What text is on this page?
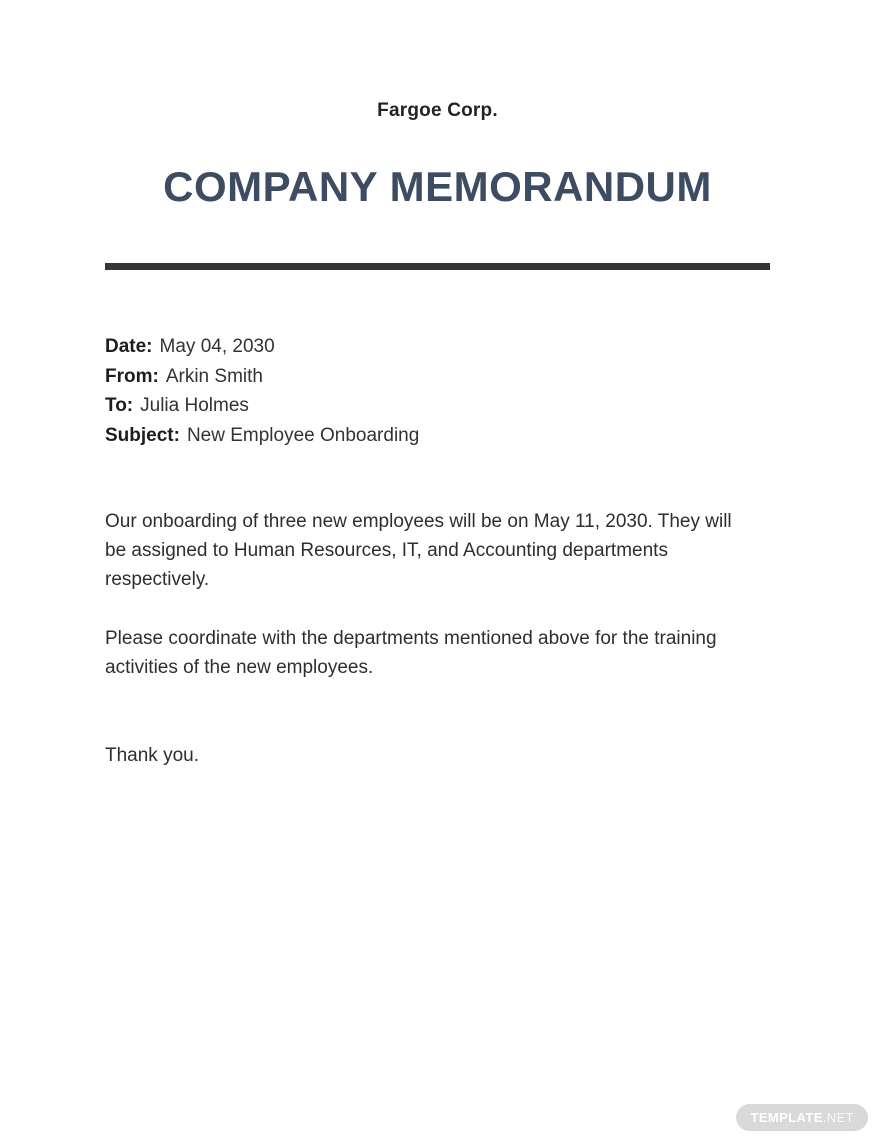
Fargoe Corp.
COMPANY MEMORANDUM
Date: May 04, 2030
From: Arkin Smith
To: Julia Holmes
Subject: New Employee Onboarding

Our onboarding of three new employees will be on May 11, 2030. They will be assigned to Human Resources, IT, and Accounting departments respectively.

Please coordinate with the departments mentioned above for the training activities of the new employees.

Thank you.

TEMPLATE .NET
